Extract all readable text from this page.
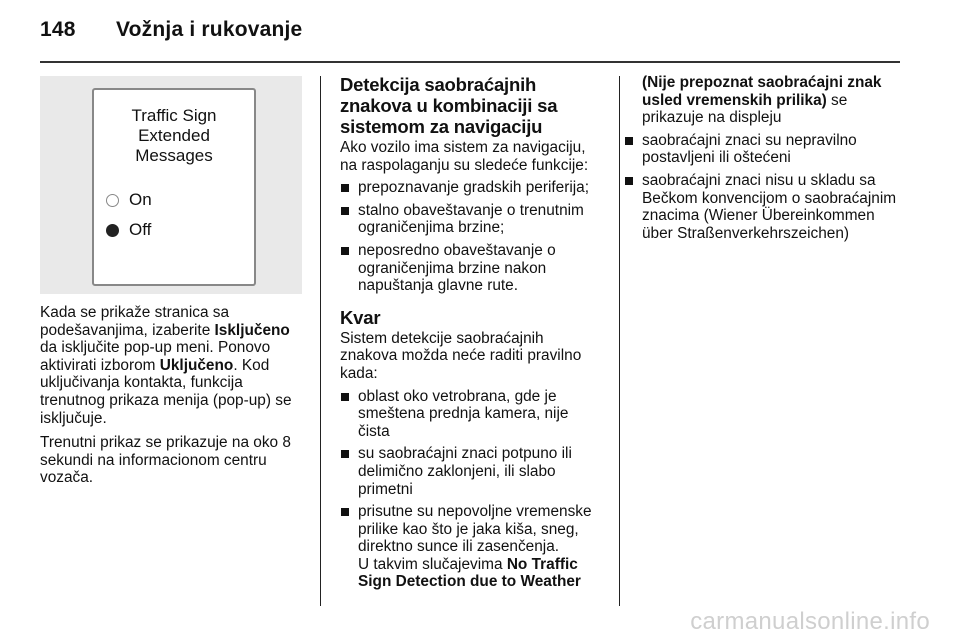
148 Vožnja i rukovanje
Traffic Sign
Extended
Messages
On
Off

Kada se prikaže stranica sa podešavanjima, izaberite Isključeno da isključite pop-up meni. Ponovo aktivirati izborom Uključeno. Kod uključivanja kontakta, funkcija trenutnog prikaza menija (pop-up) se isključuje.

Trenutni prikaz se prikazuje na oko 8 sekundi na informacionom centru vozača.

Detekcija saobraćajnih znakova u kombinaciji sa sistemom za navigaciju

Ako vozilo ima sistem za navigaciju, na raspolaganju su sledeće funkcije:

prepoznavanje gradskih periferija;
stalno obaveštavanje o trenutnim ograničenjima brzine;
neposredno obaveštavanje o ograničenjima brzine nakon napuštanja glavne rute.
Kvar

Sistem detekcije saobraćajnih znakova možda neće raditi pravilno kada:

oblast oko vetrobrana, gde je smeštena prednja kamera, nije čista
su saobraćajni znaci potpuno ili delimično zaklonjeni, ili slabo primetni
prisutne su nepovoljne vremenske prilike kao što je jaka kiša, sneg, direktno sunce ili zasenčenja.
U takvim slučajevima No Traffic Sign Detection due to Weather

(Nije prepoznat saobraćajni znak usled vremenskih prilika) se prikazuje na displeju

saobraćajni znaci su nepravilno postavljeni ili oštećeni
saobraćajni znaci nisu u skladu sa Bečkom konvencijom o saobraćajnim znacima (Wiener Übereinkommen über Straßenverkehrszeichen)
carmanualsonline.info
